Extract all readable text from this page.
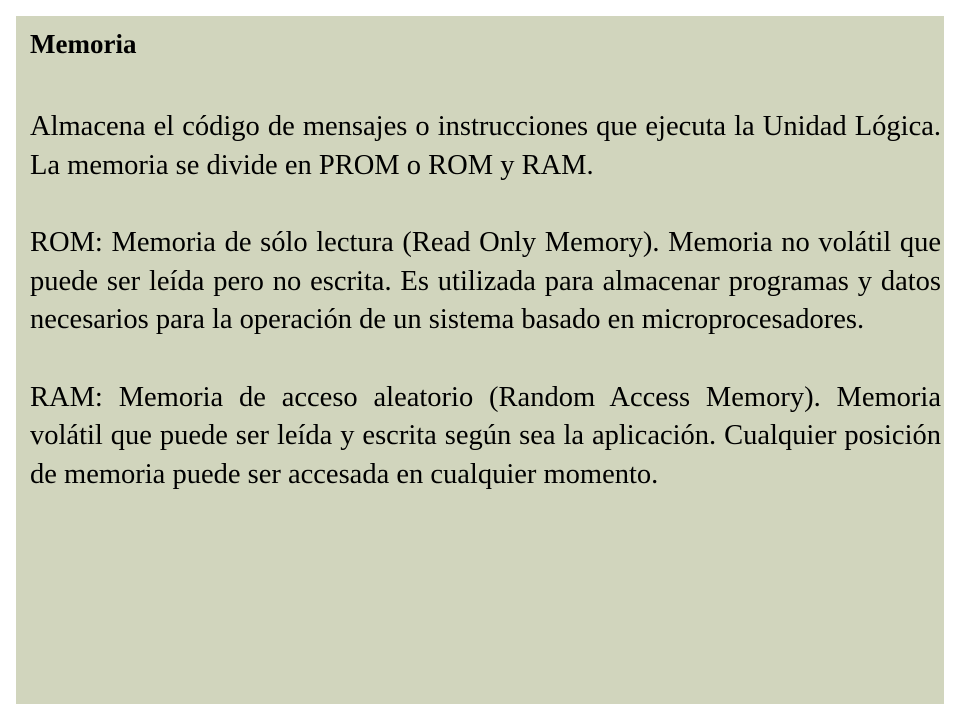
Memoria

Almacena el código de mensajes o instrucciones que ejecuta la Unidad Lógica. La memoria se divide en PROM o ROM y RAM.

ROM: Memoria de sólo lectura (Read Only Memory). Memoria no volátil que puede ser leída pero no escrita. Es utilizada para almacenar programas y datos necesarios para la operación de un sistema basado en microprocesadores.

RAM: Memoria de acceso aleatorio (Random Access Memory). Memoria volátil que puede ser leída y escrita según sea la aplicación. Cualquier posición de memoria puede ser accesada en cualquier momento.
